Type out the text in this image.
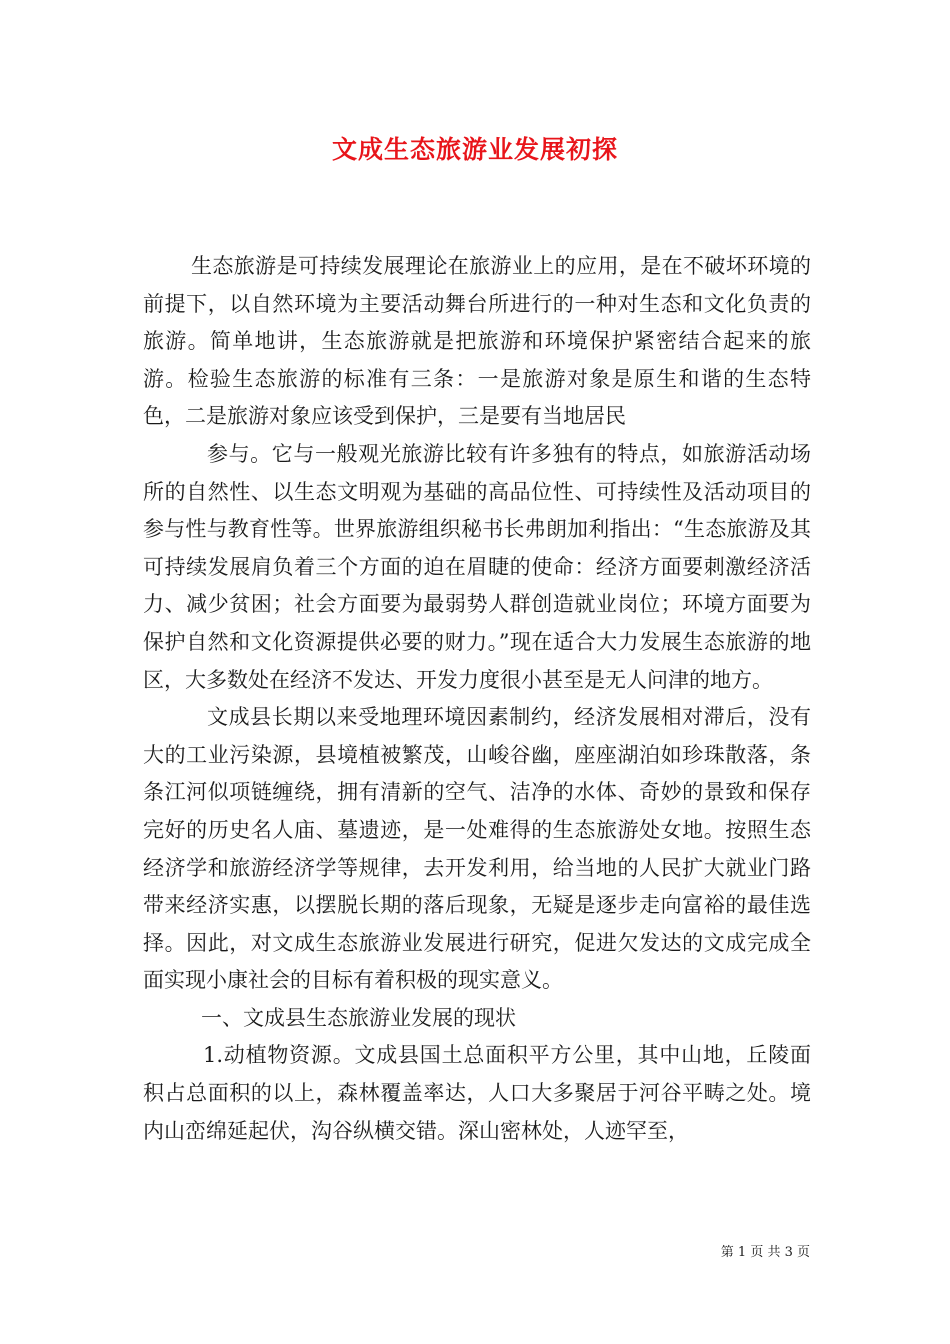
文成生态旅游业发展初探

生态旅游是可持续发展理论在旅游业上的应用，是在不破坏环境的前提下，以自然环境为主要活动舞台所进行的一种对生态和文化负责的旅游。简单地讲，生态旅游就是把旅游和环境保护紧密结合起来的旅游。检验生态旅游的标准有三条：一是旅游对象是原生和谐的生态特色，二是旅游对象应该受到保护，三是要有当地居民

参与。它与一般观光旅游比较有许多独有的特点，如旅游活动场所的自然性、以生态文明观为基础的高品位性、可持续性及活动项目的参与性与教育性等。世界旅游组织秘书长弗朗加利指出：“生态旅游及其可持续发展肩负着三个方面的迫在眉睫的使命：经济方面要刺激经济活力、减少贫困；社会方面要为最弱势人群创造就业岗位；环境方面要为保护自然和文化资源提供必要的财力。”现在适合大力发展生态旅游的地区，大多数处在经济不发达、开发力度很小甚至是无人问津的地方。

文成县长期以来受地理环境因素制约，经济发展相对滞后，没有大的工业污染源，县境植被繁茂，山峻谷幽，座座湖泊如珍珠散落，条条江河似项链缠绕，拥有清新的空气、洁净的水体、奇妙的景致和保存完好的历史名人庙、墓遗迹，是一处难得的生态旅游处女地。按照生态经济学和旅游经济学等规律，去开发利用，给当地的人民扩大就业门路带来经济实惠，以摆脱长期的落后现象，无疑是逐步走向富裕的最佳选择。因此，对文成生态旅游业发展进行研究，促进欠发达的文成完成全面实现小康社会的目标有着积极的现实意义。

一、文成县生态旅游业发展的现状

1.动植物资源。文成县国土总面积平方公里，其中山地，丘陵面积占总面积的以上，森林覆盖率达，人口大多聚居于河谷平畴之处。境内山峦绵延起伏，沟谷纵横交错。深山密林处，人迹罕至，

第 1 页 共 3 页
